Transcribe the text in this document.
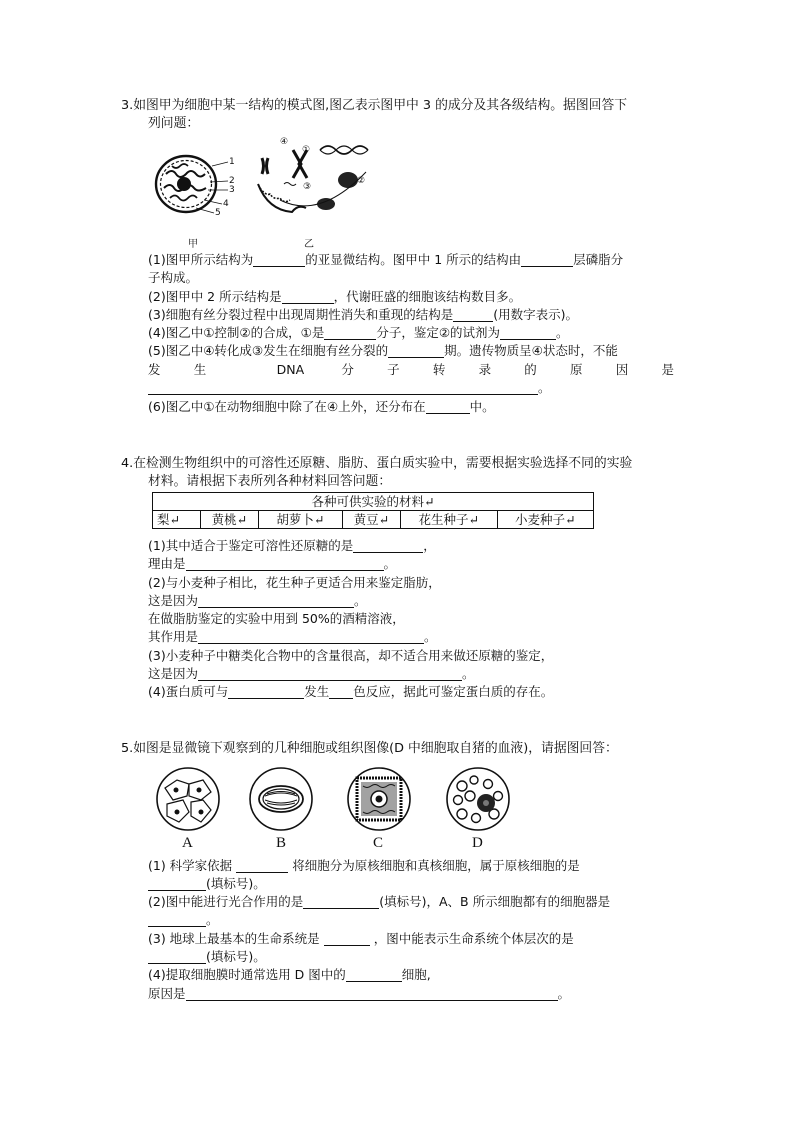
3.如图甲为细胞中某一结构的模式图,图乙表示图甲中 3 的成分及其各级结构。据图回答下
列问题：
1
2
3
4
5
甲
④
①
③
②
乙
(1)图甲所示结构为	的亚显微结构。图甲中 1 所示的结构由	层磷脂分
子构成。
(2)图甲中 2 所示结构是	，代谢旺盛的细胞该结构数目多。
(3)细胞有丝分裂过程中出现周期性消失和重现的结构是	(用数字表示)。
(4)图乙中①控制②的合成，①是	分子，鉴定②的试剂为	。
(5)图乙中④转化成③发生在细胞有丝分裂的	期。遗传物质呈④状态时，不能
发生 DNA 分子转录的原因是
。
(6)图乙中①在动物细胞中除了在④上外，还分布在	中。
4.在检测生物组织中的可溶性还原糖、脂肪、蛋白质实验中，需要根据实验选择不同的实验
材料。请根据下表所列各种材料回答问题：
各种可供实验的材料↵
梨↵	黄桃↵	胡萝卜↵	黄豆↵	花生种子↵	小麦种子↵
(1)其中适合于鉴定可溶性还原糖的是	，
理由是	。
(2)与小麦种子相比，花生种子更适合用来鉴定脂肪，
这是因为	。
在做脂肪鉴定的实验中用到 50%的酒精溶液，
其作用是	。
(3)小麦种子中糖类化合物中的含量很高，却不适合用来做还原糖的鉴定，
这是因为	。
(4)蛋白质可与	发生 色反应，据此可鉴定蛋白质的存在。
5.如图是显微镜下观察到的几种细胞或组织图像(D 中细胞取自猪的血液)，请据图回答：
A	B	C	D
(1) 科学家依据	将细胞分为原核细胞和真核细胞，属于原核细胞的是
(填标号)。
(2)图中能进行光合作用的是	(填标号)，A、B 所示细胞都有的细胞器是
。
(3) 地球上最基本的生命系统是	，图中能表示生命系统个体层次的是
(填标号)。
(4)提取细胞膜时通常选用 D 图中的	细胞,
原因是	。
